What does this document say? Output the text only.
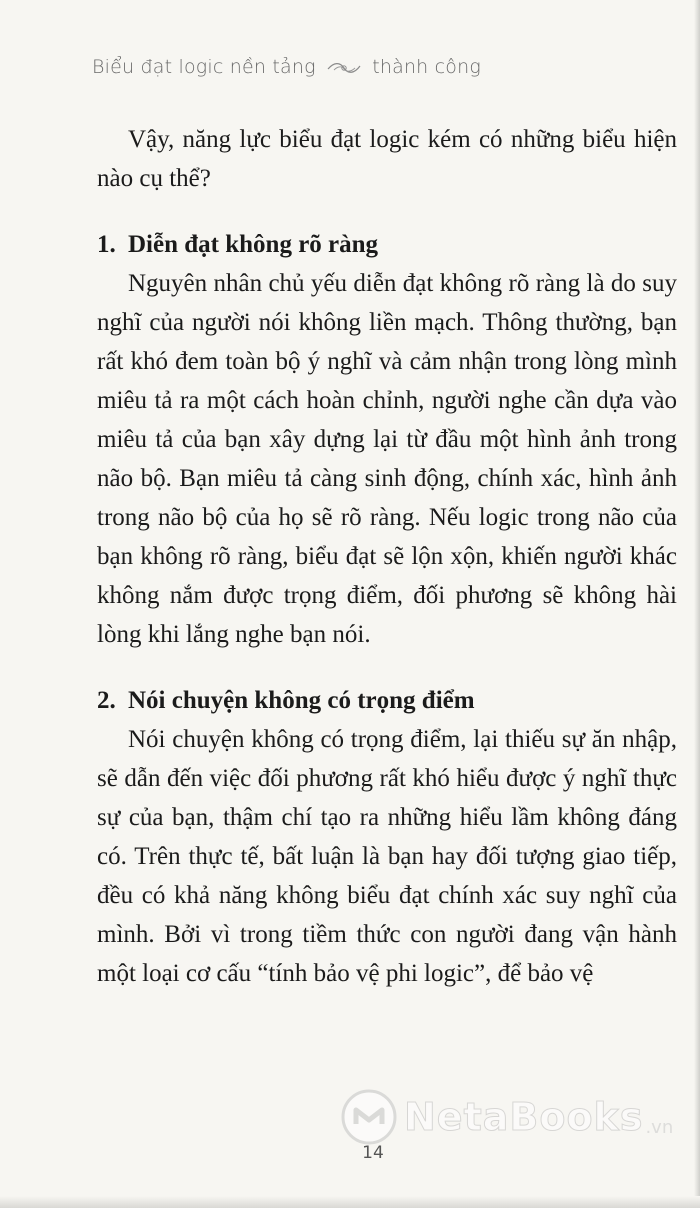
Biểu đạt logic nền tảng	thành công

Vậy, năng lực biểu đạt logic kém có những biểu hiện nào cụ thể?

1. Diễn đạt không rõ ràng

Nguyên nhân chủ yếu diễn đạt không rõ ràng là do suy nghĩ của người nói không liền mạch. Thông thường, bạn rất khó đem toàn bộ ý nghĩ và cảm nhận trong lòng mình miêu tả ra một cách hoàn chỉnh, người nghe cần dựa vào miêu tả của bạn xây dựng lại từ đầu một hình ảnh trong não bộ. Bạn miêu tả càng sinh động, chính xác, hình ảnh trong não bộ của họ sẽ rõ ràng. Nếu logic trong não của bạn không rõ ràng, biểu đạt sẽ lộn xộn, khiến người khác không nắm được trọng điểm, đối phương sẽ không hài lòng khi lắng nghe bạn nói.

2. Nói chuyện không có trọng điểm

Nói chuyện không có trọng điểm, lại thiếu sự ăn nhập, sẽ dẫn đến việc đối phương rất khó hiểu được ý nghĩ thực sự của bạn, thậm chí tạo ra những hiểu lầm không đáng có. Trên thực tế, bất luận là bạn hay đối tượng giao tiếp, đều có khả năng không biểu đạt chính xác suy nghĩ của mình. Bởi vì trong tiềm thức con người đang vận hành một loại cơ cấu “tính bảo vệ phi logic”, để bảo vệ

NetaBooks .vn
14
